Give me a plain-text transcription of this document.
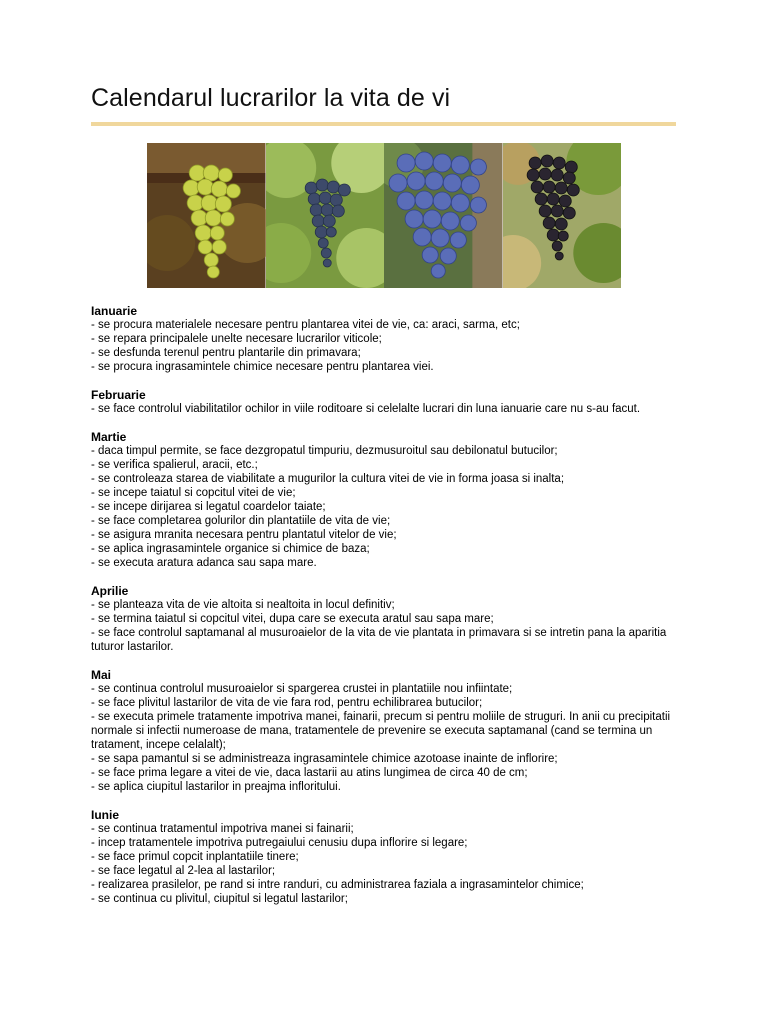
Calendarul lucrarilor la vita de vi
Ianuarie
- se procura materialele necesare pentru plantarea vitei de vie, ca: araci, sarma, etc;
- se repara principalele unelte necesare lucrarilor viticole;
- se desfunda terenul pentru plantarile din primavara;
- se procura ingrasamintele chimice necesare pentru plantarea viei.
Februarie
- se face controlul viabilitatilor ochilor in viile roditoare si celelalte lucrari din luna ianuarie care nu s-au facut.
Martie
- daca timpul permite, se face dezgropatul timpuriu, dezmusuroitul sau debilonatul butucilor;
- se verifica spalierul, aracii, etc.;
- se controleaza starea de viabilitate a mugurilor la cultura vitei de vie in forma joasa si inalta;
- se incepe taiatul si copcitul vitei de vie;
- se incepe dirijarea si legatul coardelor taiate;
- se face completarea golurilor din plantatiile de vita de vie;
- se asigura mranita necesara pentru plantatul vitelor de vie;
- se aplica ingrasamintele organice si chimice de baza;
- se executa aratura adanca sau sapa mare.
Aprilie
- se planteaza vita de vie altoita si nealtoita in locul definitiv;
- se termina taiatul si copcitul vitei, dupa care se executa aratul sau sapa mare;
- se face controlul saptamanal al musuroaielor de la vita de vie plantata in primavara si se intretin pana la aparitia tuturor lastarilor.
Mai
- se continua controlul musuroaielor si spargerea crustei in plantatiile nou infiintate;
- se face plivitul lastarilor de vita de vie fara rod, pentru echilibrarea butucilor;
- se executa primele tratamente impotriva manei, fainarii, precum si pentru moliile de struguri. In anii cu precipitatii normale si infectii numeroase de mana, tratamentele de prevenire se executa saptamanal (cand se termina un tratament, incepe celalalt);
- se sapa pamantul si se administreaza ingrasamintele chimice azotoase inainte de inflorire;
- se face prima legare a vitei de vie, daca lastarii au atins lungimea de circa 40 de cm;
- se aplica ciupitul lastarilor in preajma infloritului.
Iunie
- se continua tratamentul impotriva manei si fainarii;
- incep tratamentele impotriva putregaiului cenusiu dupa inflorire si legare;
- se face primul copcit inplantatiile tinere;
- se face legatul al 2-lea al lastarilor;
- realizarea prasilelor, pe rand si intre randuri, cu administrarea faziala a ingrasamintelor chimice;
- se continua cu plivitul, ciupitul si legatul lastarilor;
